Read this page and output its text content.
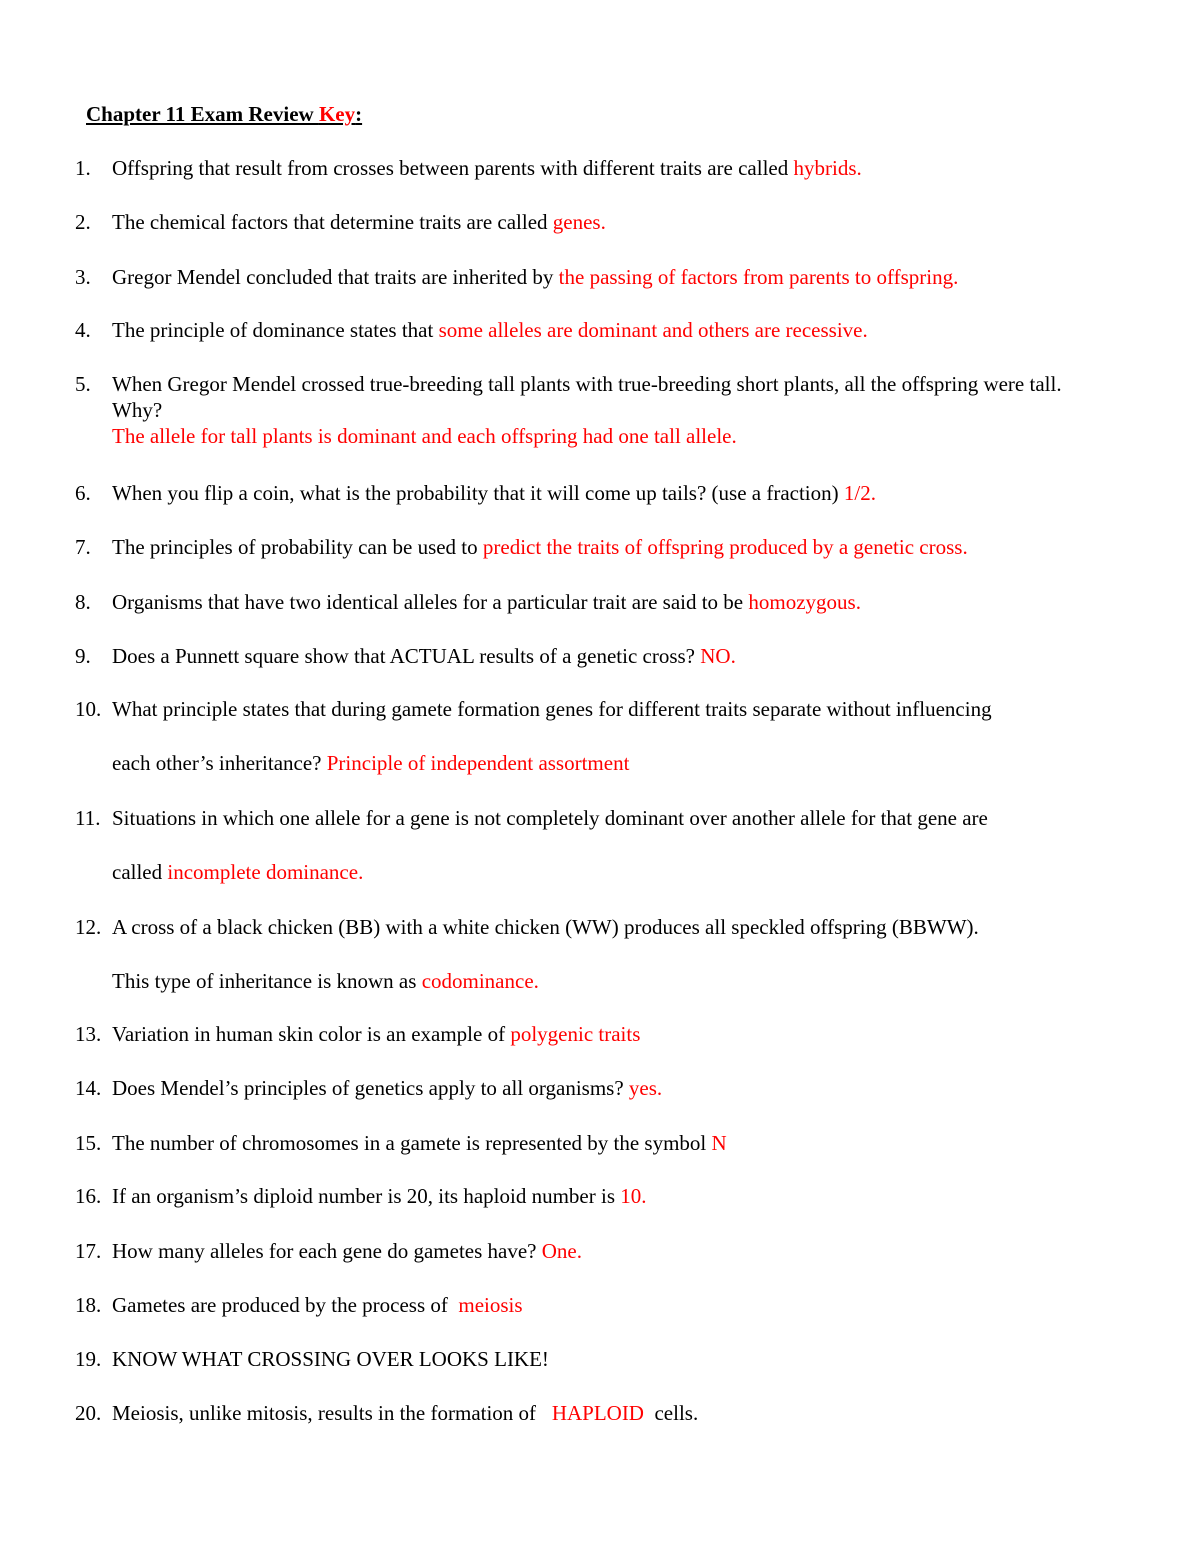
Chapter 11 Exam Review Key:
1. Offspring that result from crosses between parents with different traits are called hybrids.
2. The chemical factors that determine traits are called genes.
3. Gregor Mendel concluded that traits are inherited by the passing of factors from parents to offspring.
4. The principle of dominance states that some alleles are dominant and others are recessive.
5. When Gregor Mendel crossed true-breeding tall plants with true-breeding short plants, all the offspring were tall. Why?
The allele for tall plants is dominant and each offspring had one tall allele.
6. When you flip a coin, what is the probability that it will come up tails? (use a fraction) 1/2.
7. The principles of probability can be used to predict the traits of offspring produced by a genetic cross.
8. Organisms that have two identical alleles for a particular trait are said to be homozygous.
9. Does a Punnett square show that ACTUAL results of a genetic cross? NO.
10. What principle states that during gamete formation genes for different traits separate without influencing
each other’s inheritance? Principle of independent assortment
11. Situations in which one allele for a gene is not completely dominant over another allele for that gene are
called incomplete dominance.
12. A cross of a black chicken (BB) with a white chicken (WW) produces all speckled offspring (BBWW).
This type of inheritance is known as codominance.
13. Variation in human skin color is an example of polygenic traits
14. Does Mendel’s principles of genetics apply to all organisms? yes.
15. The number of chromosomes in a gamete is represented by the symbol N
16. If an organism’s diploid number is 20, its haploid number is 10.
17. How many alleles for each gene do gametes have? One.
18. Gametes are produced by the process of  meiosis
19. KNOW WHAT CROSSING OVER LOOKS LIKE!
20. Meiosis, unlike mitosis, results in the formation of   HAPLOID  cells.
